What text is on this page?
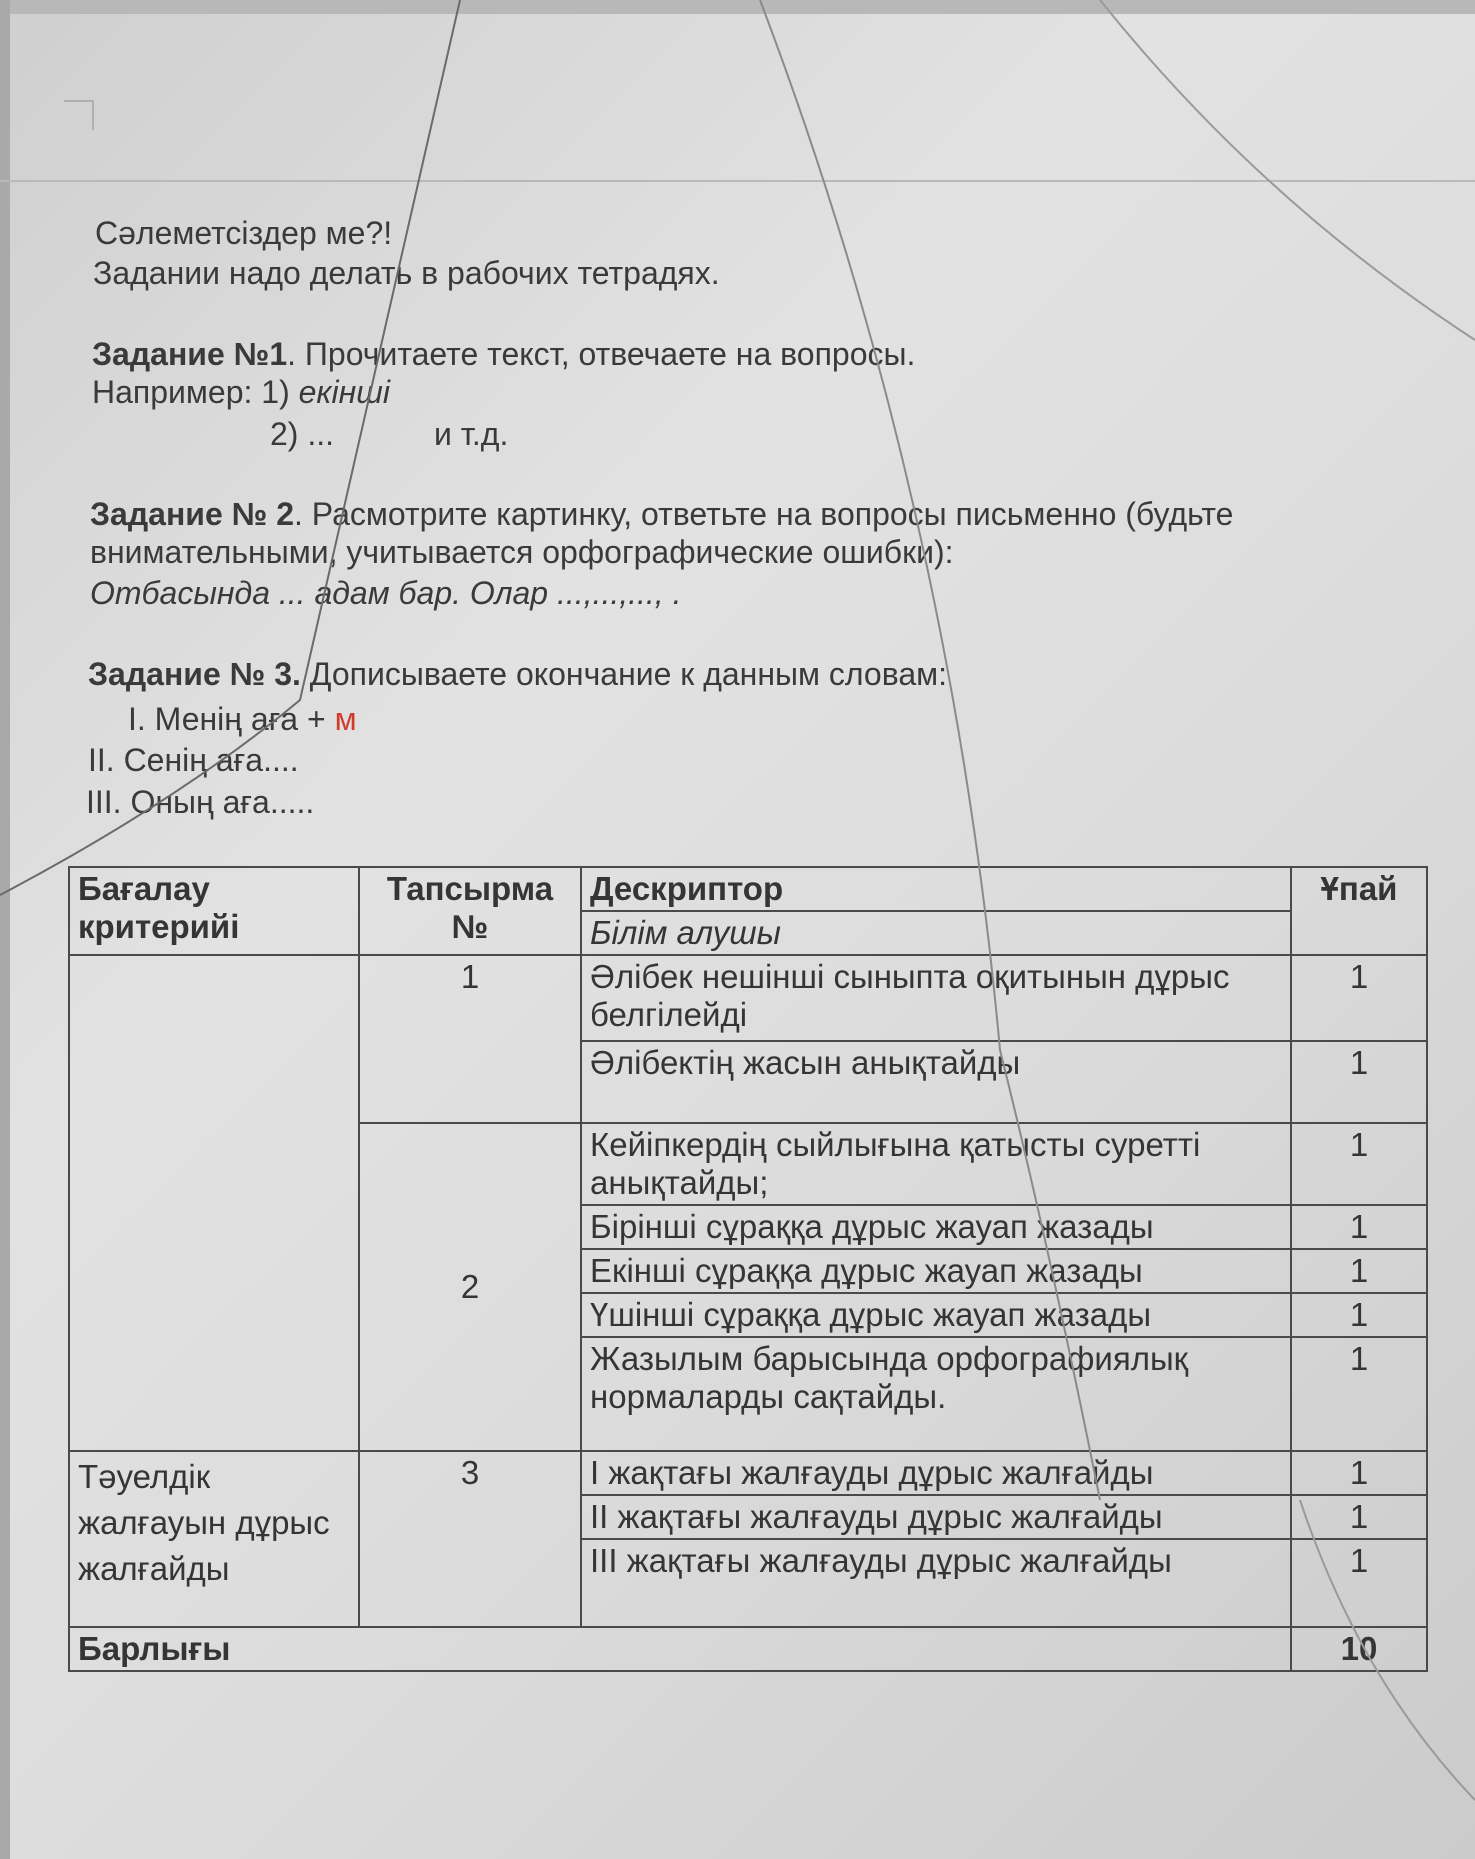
Сәлеметсіздер ме?!
Задании надо делать в рабочих тетрадях.
Задание №1. Прочитаете текст, отвечаете на вопросы.
Например: 1) екінші
2) ...	и т.д.
Задание № 2. Расмотрите картинку, ответьте на вопросы письменно (будьте
внимательными, учитывается орфографические ошибки):
Отбасында ... адам бар. Олар ...,...,..., .
Задание № 3. Дописываете окончание к данным словам:
I. Менің аға + м
II. Сенің аға....
III. Оның аға.....
Бағалау критерийі	Тапсырма №	Дескриптор	Ұпай
		Білім алушы	
	1	Әлібек нешінші сыныпта оқитынын дұрыс белгілейді	1
		Әлібектің жасын анықтайды	1
	2	Кейіпкердің сыйлығына қатысты суретті анықтайды;	1
		Бірінші сұраққа дұрыс жауап жазады	1
		Екінші сұраққа дұрыс жауап жазады	1
		Үшінші сұраққа дұрыс жауап жазады	1
		Жазылым барысында орфографиялық нормаларды сақтайды.	1
Тәуелдік жалғауын дұрыс жалғайды	3	I жақтағы жалғауды дұрыс жалғайды	1
		II жақтағы жалғауды дұрыс жалғайды	1
		III жақтағы жалғауды дұрыс жалғайды	1
Барлығы			10
